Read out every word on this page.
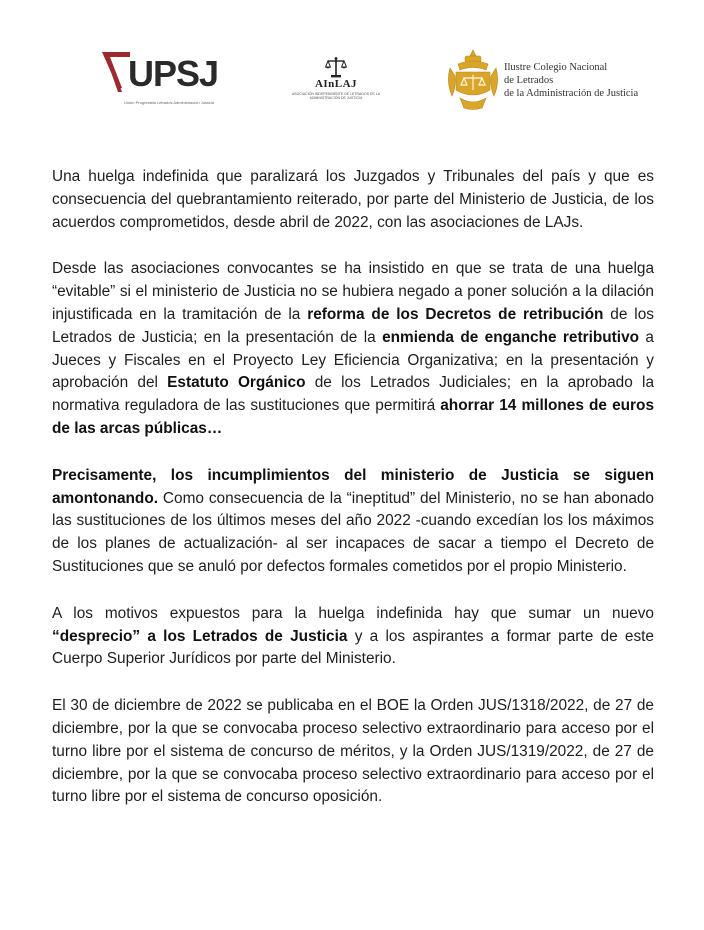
UPSJ
Unión Progresista Letrados Administración Justicia
AInLAJ
ASOCIACIÓN INDEPENDIENTE DE LETRADOS DE LA
ADMINISTRACIÓN DE JUSTICIA
Ilustre Colegio Nacional
de Letrados
de la Administración de Justicia

Una huelga indefinida que paralizará los Juzgados y Tribunales del país y que es consecuencia del quebrantamiento reiterado, por parte del Ministerio de Justicia, de los acuerdos comprometidos, desde abril de 2022, con las asociaciones de LAJs.

Desde las asociaciones convocantes se ha insistido en que se trata de una huelga “evitable” si el ministerio de Justicia no se hubiera negado a poner solución a la dilación injustificada en la tramitación de la reforma de los Decretos de retribución de los Letrados de Justicia; en la presentación de la enmienda de enganche retributivo a Jueces y Fiscales en el Proyecto Ley Eficiencia Organizativa; en la presentación y aprobación del Estatuto Orgánico de los Letrados Judiciales; en la aprobado la normativa reguladora de las sustituciones que permitirá ahorrar 14 millones de euros de las arcas públicas…

Precisamente, los incumplimientos del ministerio de Justicia se siguen amontonando. Como consecuencia de la “ineptitud” del Ministerio, no se han abonado las sustituciones de los últimos meses del año 2022 -cuando excedían los los máximos de los planes de actualización- al ser incapaces de sacar a tiempo el Decreto de Sustituciones que se anuló por defectos formales cometidos por el propio Ministerio.

A los motivos expuestos para la huelga indefinida hay que sumar un nuevo “desprecio” a los Letrados de Justicia y a los aspirantes a formar parte de este Cuerpo Superior Jurídicos por parte del Ministerio.

El 30 de diciembre de 2022 se publicaba en el BOE la Orden JUS/1318/2022, de 27 de diciembre, por la que se convocaba proceso selectivo extraordinario para acceso por el turno libre por el sistema de concurso de méritos, y la Orden JUS/1319/2022, de 27 de diciembre, por la que se convocaba proceso selectivo extraordinario para acceso por el turno libre por el sistema de concurso oposición.
